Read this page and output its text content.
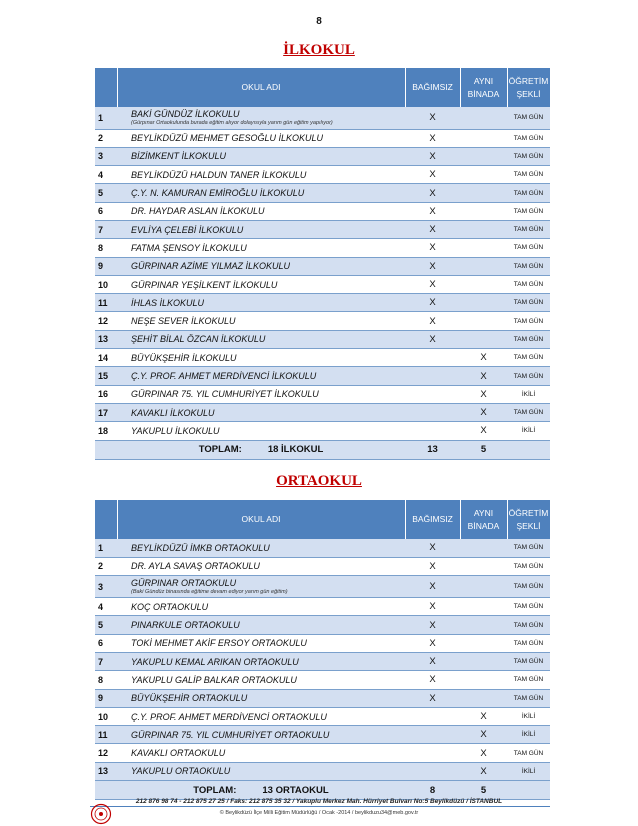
8
İLKOKUL
	OKUL ADI	BAĞIMSIZ	AYNI
BİNADA	ÖĞRETİM
ŞEKLİ
1	BAKİ GÜNDÜZ İLKOKULU
(Gürpınar Ortaokulunda burada eğitim alıyor dolayısıyla yarım gün eğitim yapılıyor)	X		TAM GÜN
2	BEYLİKDÜZÜ MEHMET GESOĞLU İLKOKULU	X		TAM GÜN
3	BİZİMKENT İLKOKULU	X		TAM GÜN
4	BEYLİKDÜZÜ HALDUN TANER İLKOKULU	X		TAM GÜN
5	Ç.Y. N. KAMURAN EMİROĞLU İLKOKULU	X		TAM GÜN
6	DR. HAYDAR ASLAN İLKOKULU	X		TAM GÜN
7	EVLİYA ÇELEBİ İLKOKULU	X		TAM GÜN
8	FATMA ŞENSOY İLKOKULU	X		TAM GÜN
9	GÜRPINAR AZİME YILMAZ İLKOKULU	X		TAM GÜN
10	GÜRPINAR YEŞİLKENT İLKOKULU	X		TAM GÜN
11	İHLAS İLKOKULU	X		TAM GÜN
12	NEŞE SEVER İLKOKULU	X		TAM GÜN
13	ŞEHİT BİLAL ÖZCAN İLKOKULU	X		TAM GÜN
14	BÜYÜKŞEHİR İLKOKULU		X	TAM GÜN
15	Ç.Y. PROF. AHMET MERDİVENCİ İLKOKULU		X	TAM GÜN
16	GÜRPINAR 75. YIL CUMHURİYET İLKOKULU		X	İKİLİ
17	KAVAKLI İLKOKULU		X	TAM GÜN
18	YAKUPLU İLKOKULU		X	İKİLİ
	TOPLAM: 18 İLKOKUL	13	5	
ORTAOKUL
	OKUL ADI	BAĞIMSIZ	AYNI
BİNADA	ÖĞRETİM
ŞEKLİ
1	BEYLİKDÜZÜ İMKB ORTAOKULU	X		TAM GÜN
2	DR. AYLA SAVAŞ ORTAOKULU	X		TAM GÜN
3	GÜRPINAR ORTAOKULU
(Baki Gündüz binasında eğitime devam ediyor yarım gün eğitim)	X		TAM GÜN
4	KOÇ ORTAOKULU	X		TAM GÜN
5	PINARKULE ORTAOKULU	X		TAM GÜN
6	TOKİ MEHMET AKİF ERSOY ORTAOKULU	X		TAM GÜN
7	YAKUPLU KEMAL ARIKAN ORTAOKULU	X		TAM GÜN
8	YAKUPLU GALİP BALKAR ORTAOKULU	X		TAM GÜN
9	BÜYÜKŞEHİR ORTAOKULU	X		TAM GÜN
10	Ç.Y. PROF. AHMET MERDİVENCİ ORTAOKULU		X	İKİLİ
11	GÜRPINAR 75. YIL CUMHURİYET ORTAOKULU		X	İKİLİ
12	KAVAKLI ORTAOKULU		X	TAM GÜN
13	YAKUPLU ORTAOKULU		X	İKİLİ
	TOPLAM: 13 ORTAOKUL	8	5	
212 876 98 74 - 212 875 27 25 / Faks: 212 875 35 32 / Yakuplu Merkez Mah. Hürriyet Bulvarı No:5 Beylikdüzü / İSTANBUL
© Beylikdüzü İlçe Milli Eğitim Müdürlüğü / Ocak -2014 / beylikduzu34@meb.gov.tr
